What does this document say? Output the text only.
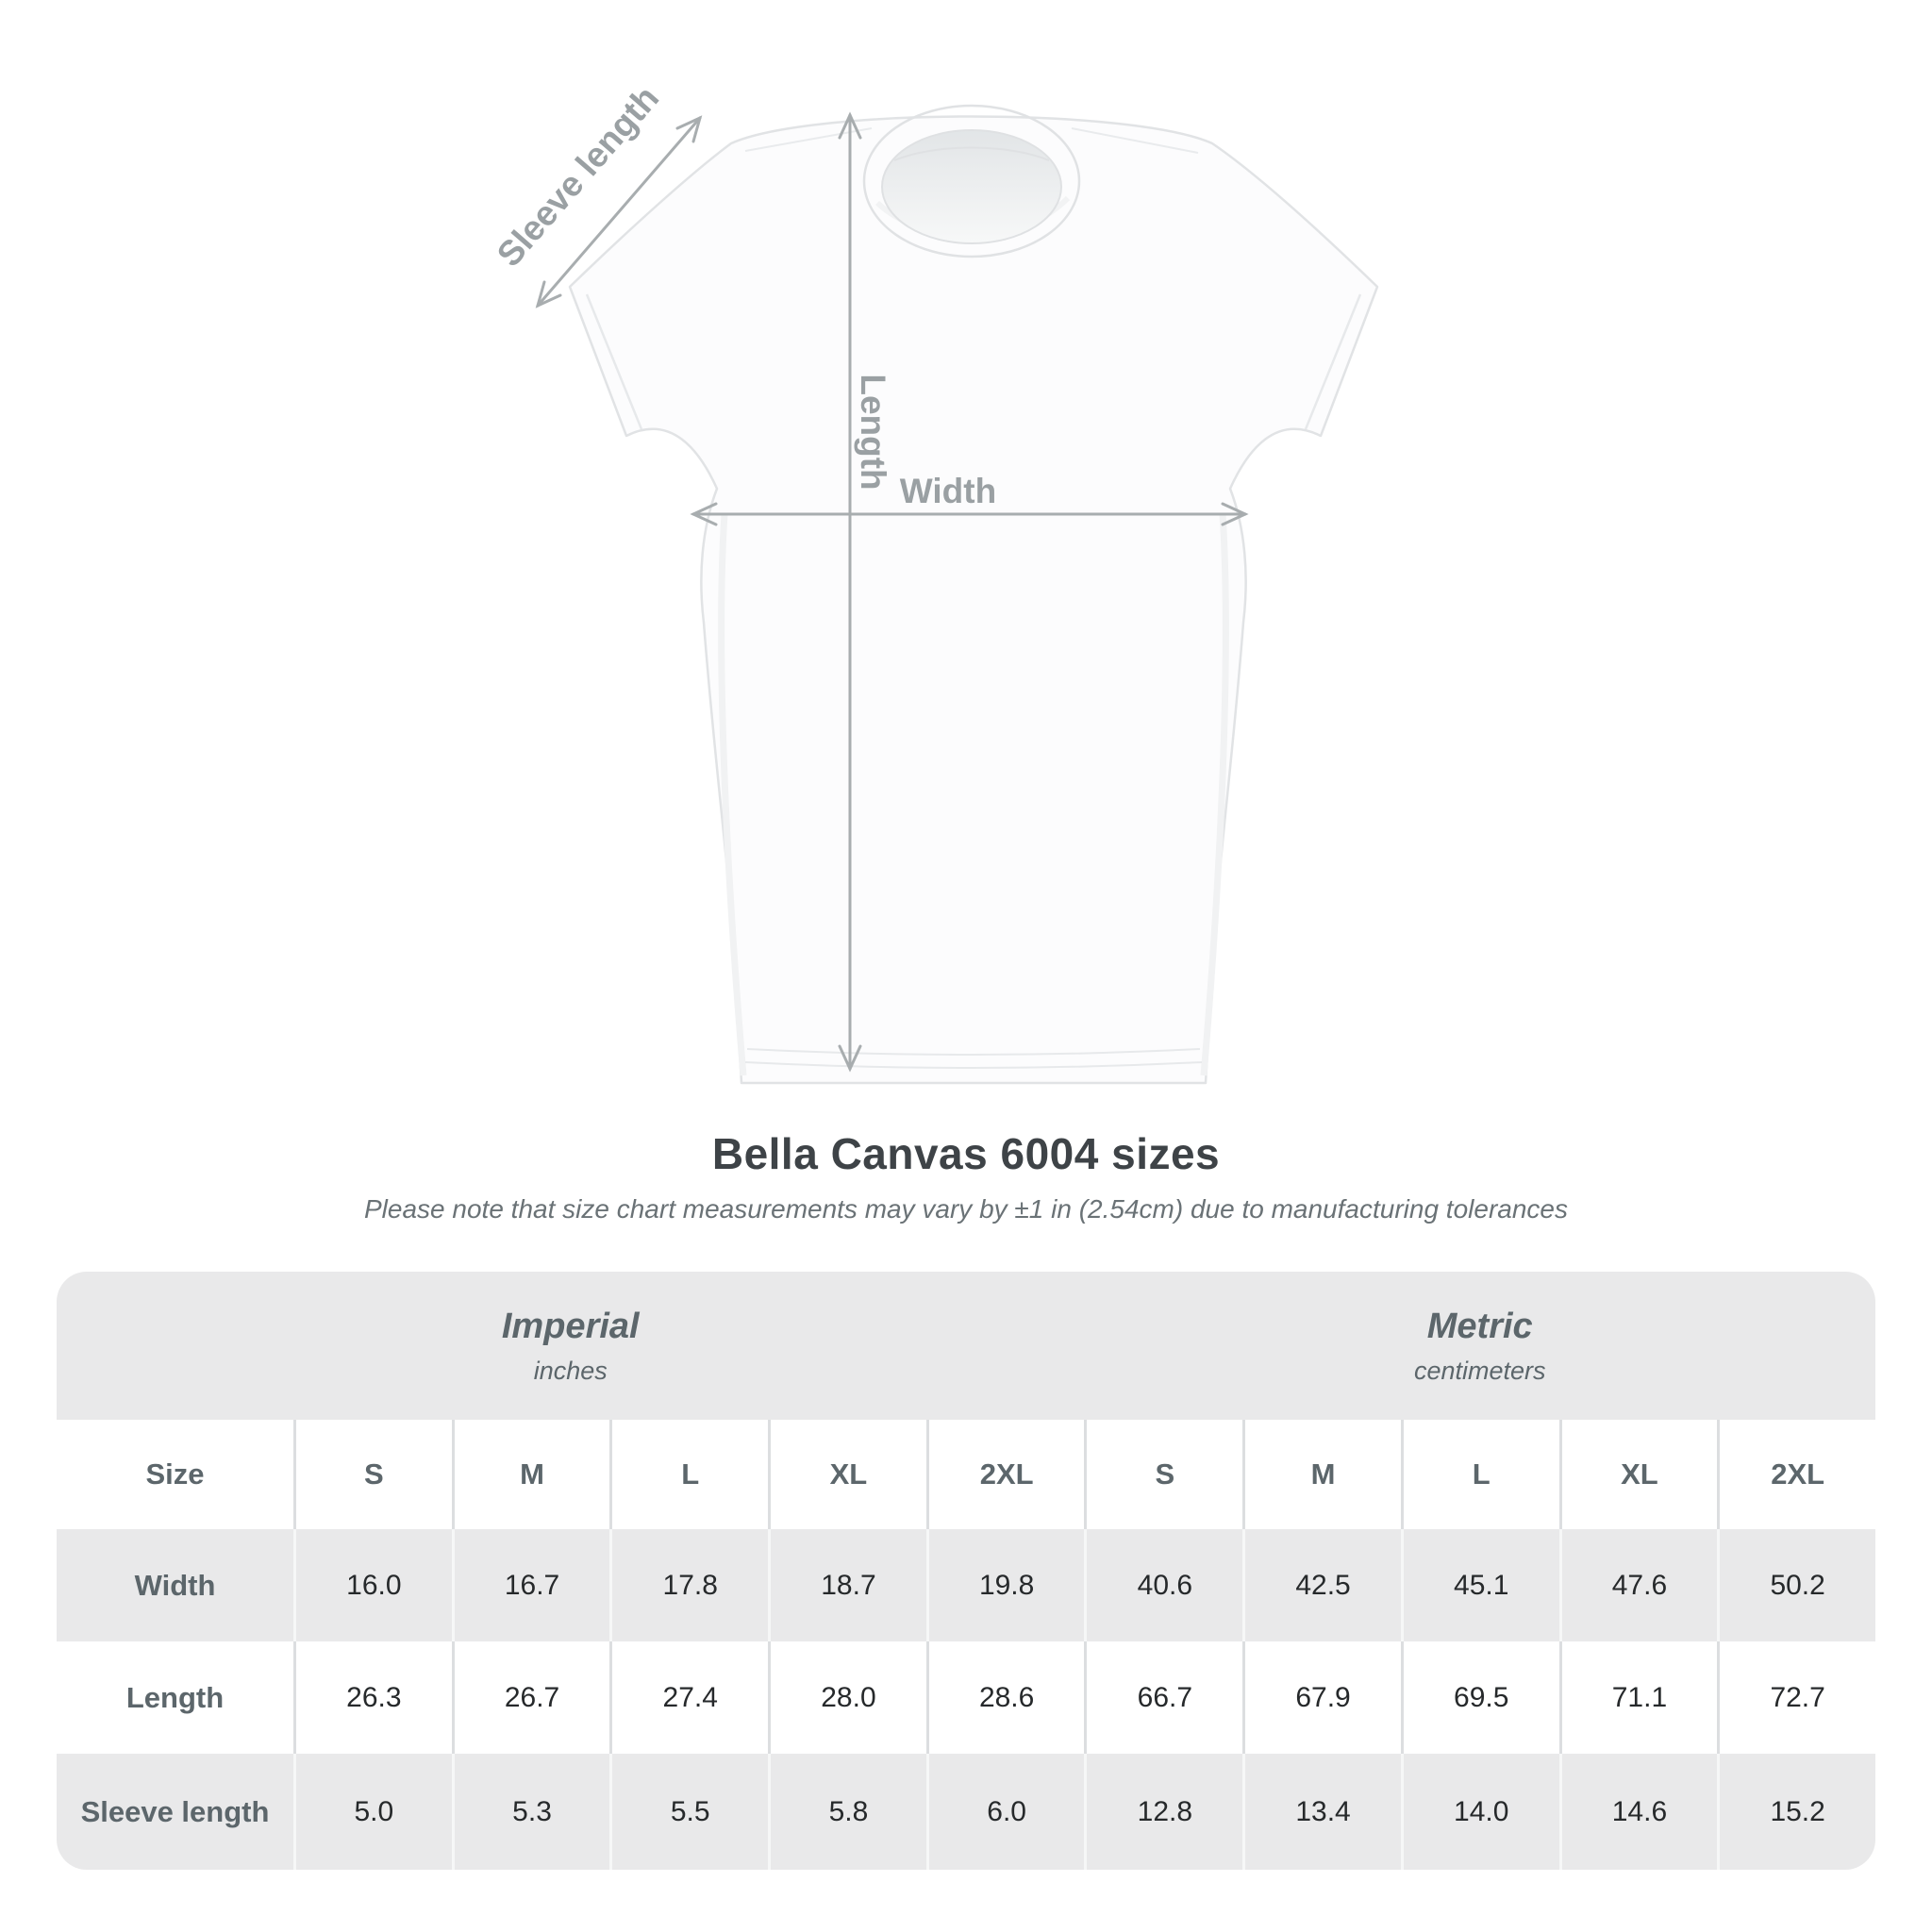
Sleeve length
Length
Width
Bella Canvas 6004 sizes
Please note that size chart measurements may vary by ±1 in (2.54cm) due to manufacturing tolerances
Imperial
inches
Metric
centimeters
Size	S	M	L	XL	2XL	S	M	L	XL	2XL
Width	16.0	16.7	17.8	18.7	19.8	40.6	42.5	45.1	47.6	50.2
Length	26.3	26.7	27.4	28.0	28.6	66.7	67.9	69.5	71.1	72.7
Sleeve length	5.0	5.3	5.5	5.8	6.0	12.8	13.4	14.0	14.6	15.2
